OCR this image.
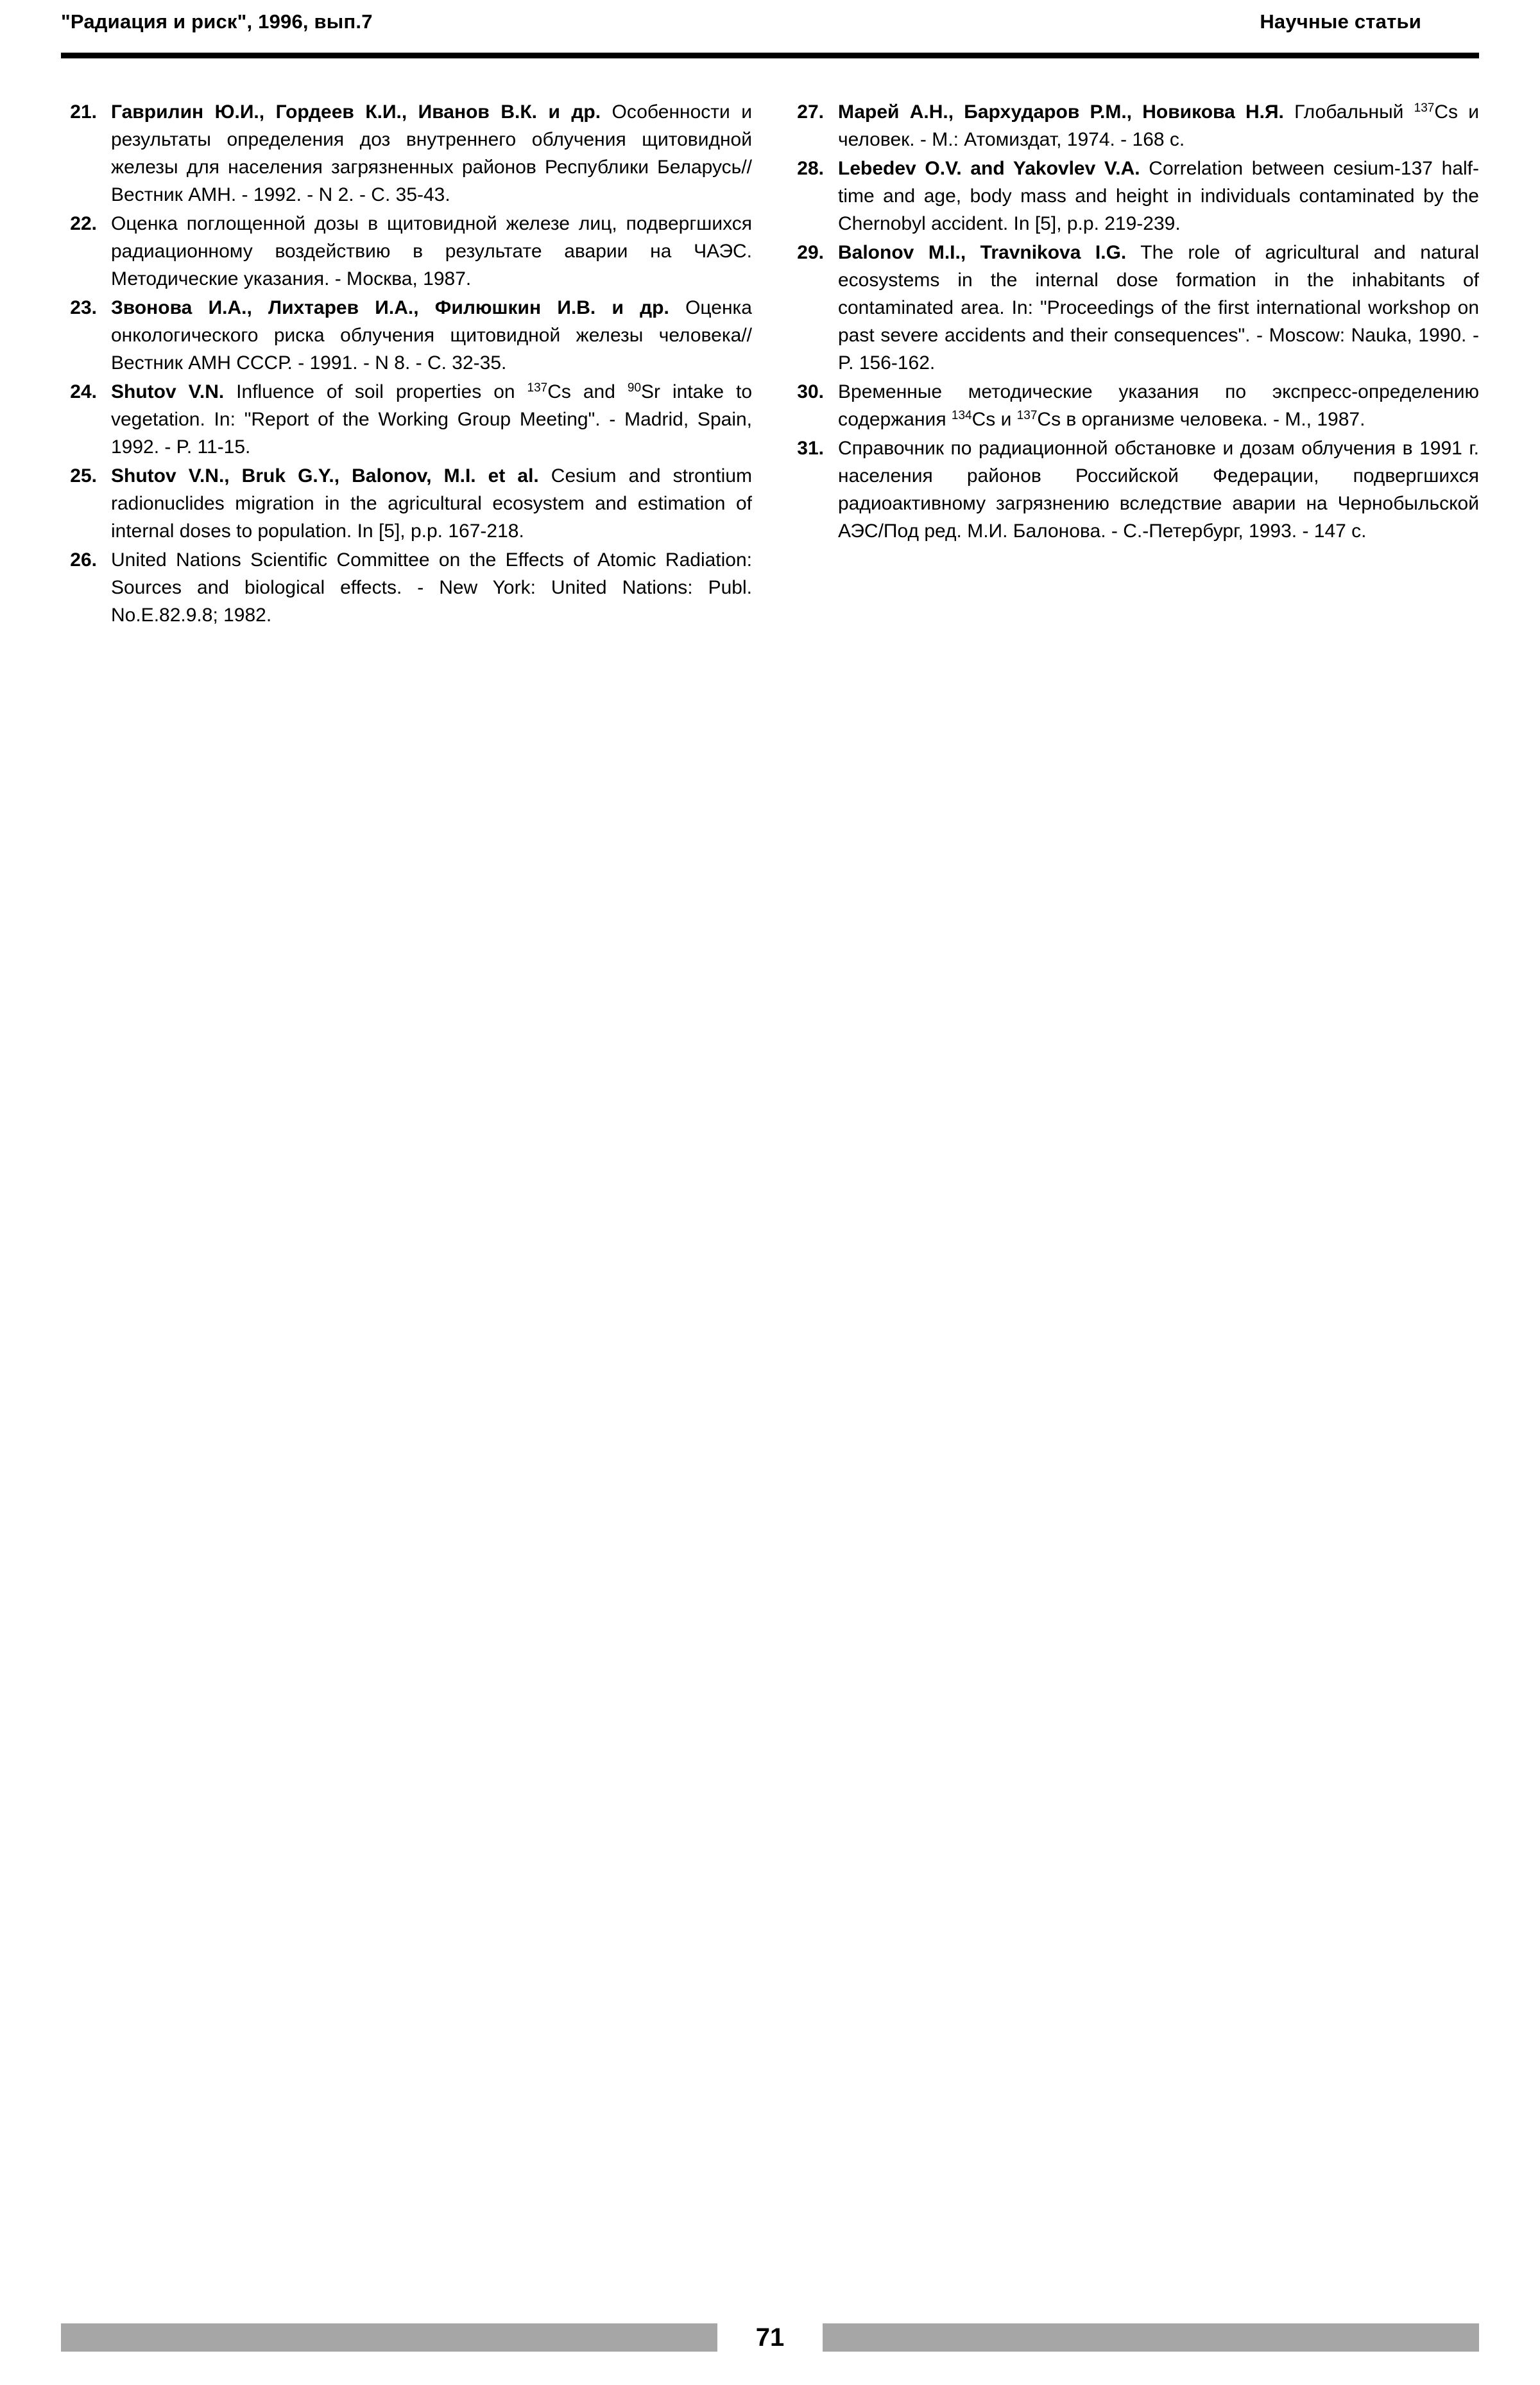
"Радиация и риск", 1996, вып.7	Научные статьи
21. Гаврилин Ю.И., Гордеев К.И., Иванов В.К. и др. Особенности и результаты определения доз внутреннего облучения щитовидной железы для населения загрязненных районов Республики Беларусь//Вестник АМН. - 1992. - N 2. - С. 35-43.
22. Оценка поглощенной дозы в щитовидной железе лиц, подвергшихся радиационному воздействию в результате аварии на ЧАЭС. Методические указания. - Москва, 1987.
23. Звонова И.А., Лихтарев И.А., Филюшкин И.В. и др. Оценка онкологического риска облучения щитовидной железы человека//Вестник АМН СССР. - 1991. - N 8. - С. 32-35.
24. Shutov V.N. Influence of soil properties on $^{137}$Cs and $^{90}$Sr intake to vegetation. In: "Report of the Working Group Meeting". - Madrid, Spain, 1992. - P. 11-15.
25. Shutov V.N., Bruk G.Y., Balonov, M.I. et al. Cesium and strontium radionuclides migration in the agricultural ecosystem and estimation of internal doses to population. In [5], p.p. 167-218.
26. United Nations Scientific Committee on the Effects of Atomic Radiation: Sources and biological effects. - New York: United Nations: Publ. No.E.82.9.8; 1982.
27. Марей А.Н., Бархударов Р.М., Новикова Н.Я. Глобальный $^{137}$Cs и человек. - М.: Атомиздат, 1974. - 168 с.
28. Lebedev O.V. and Yakovlev V.A. Correlation between cesium-137 half-time and age, body mass and height in individuals contaminated by the Chernobyl accident. In [5], p.p. 219-239.
29. Balonov M.I., Travnikova I.G. The role of agricultural and natural ecosystems in the internal dose formation in the inhabitants of contaminated area. In: "Proceedings of the first international workshop on past severe accidents and their consequences". - Moscow: Nauka, 1990. - P. 156-162.
30. Временные методические указания по экспресс-определению содержания $^{134}$Cs и $^{137}$Cs в организме человека. - М., 1987.
31. Справочник по радиационной обстановке и дозам облучения в 1991 г. населения районов Российской Федерации, подвергшихся радиоактивному загрязнению вследствие аварии на Чернобыльской АЭС/Под ред. М.И. Балонова. - С.-Петербург, 1993. - 147 с.
71
